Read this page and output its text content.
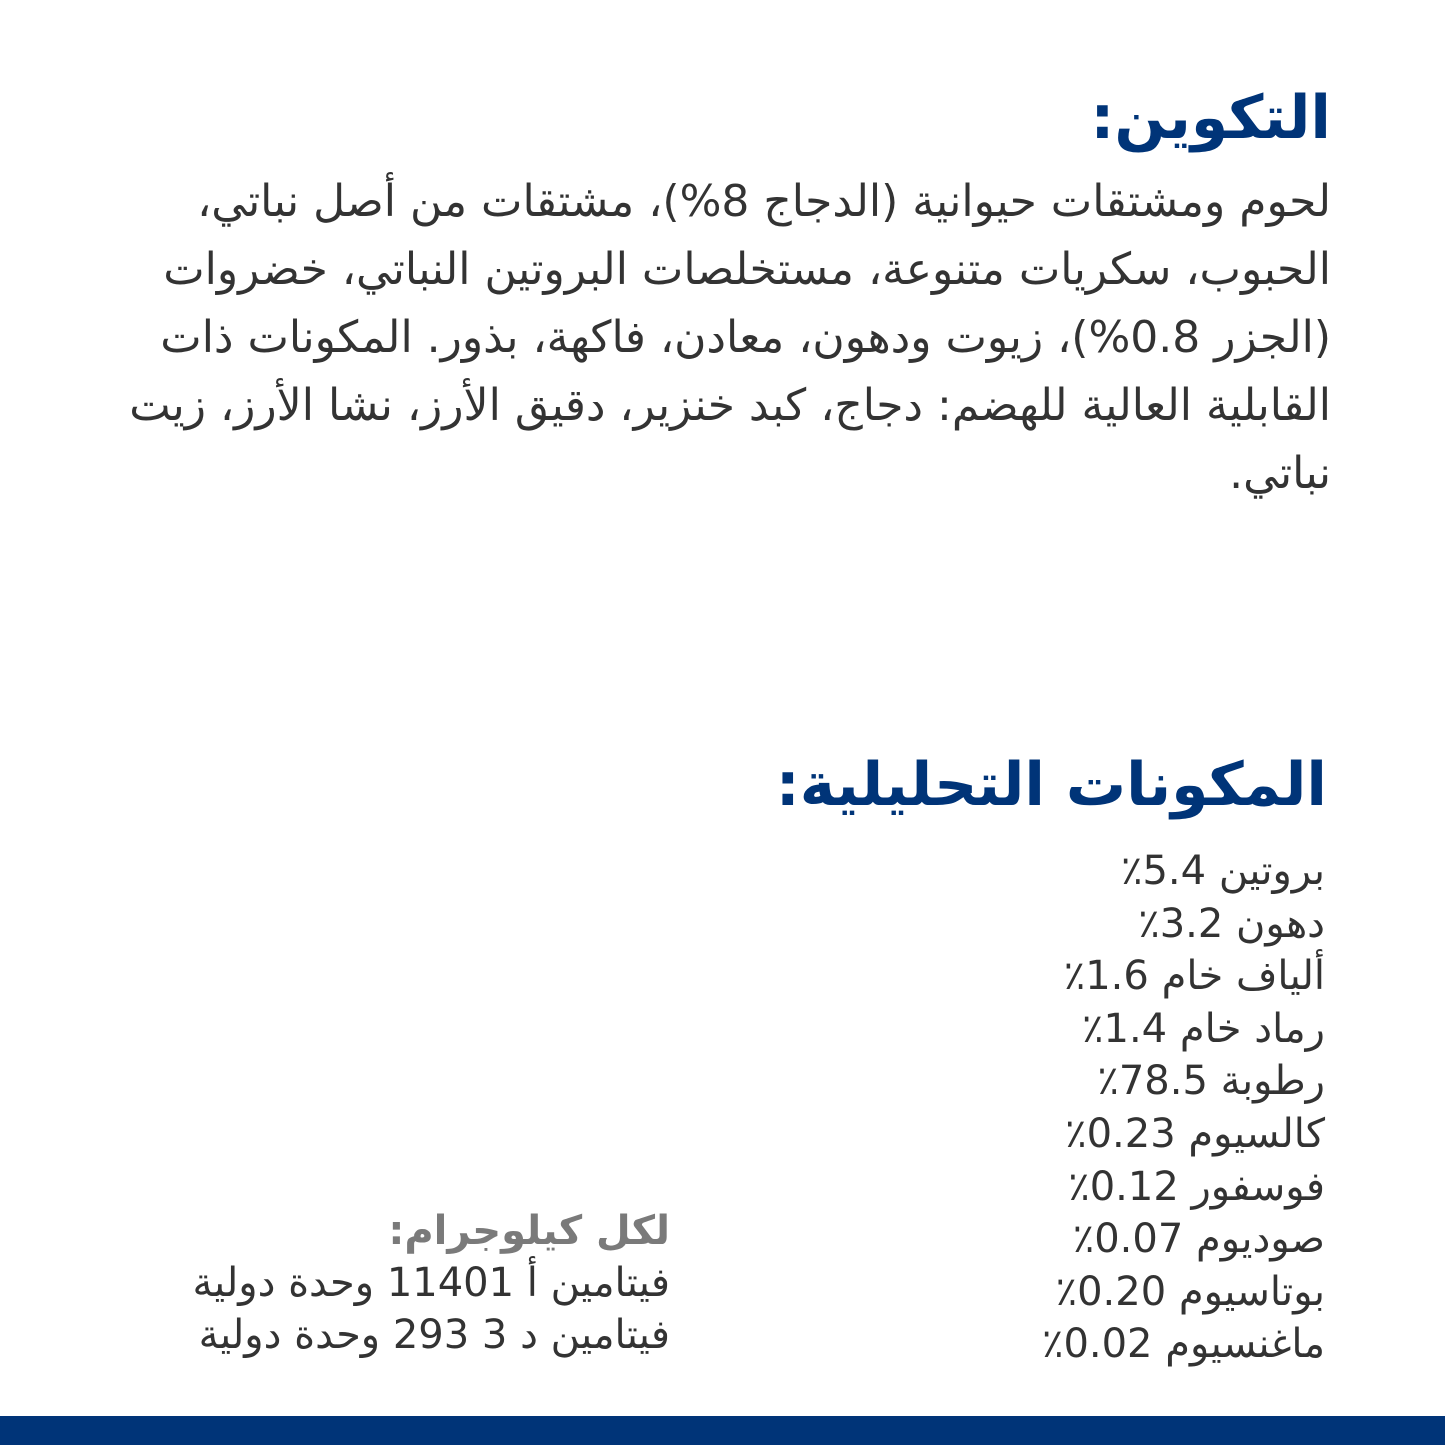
التكوين:

لحوم ومشتقات حيوانية (الدجاج 8%)، مشتقات من أصل نباتي، الحبوب، سكريات متنوعة، مستخلصات البروتين النباتي، خضروات (الجزر 0.8%)، زيوت ودهون، معادن، فاكهة، بذور. المكونات ذات القابلية العالية للهضم: دجاج، كبد خنزير، دقيق الأرز، نشا الأرز، زيت نباتي.

المكونات التحليلية:
بروتين 5.4٪
دهون 3.2٪
ألياف خام 1.6٪
رماد خام 1.4٪
رطوبة 78.5٪
كالسيوم 0.23٪
فوسفور 0.12٪
صوديوم 0.07٪
بوتاسيوم 0.20٪
ماغنسيوم 0.02٪
لكل كيلوجرام:
فيتامين أ 11401 وحدة دولية
فيتامين د 3 293 وحدة دولية
